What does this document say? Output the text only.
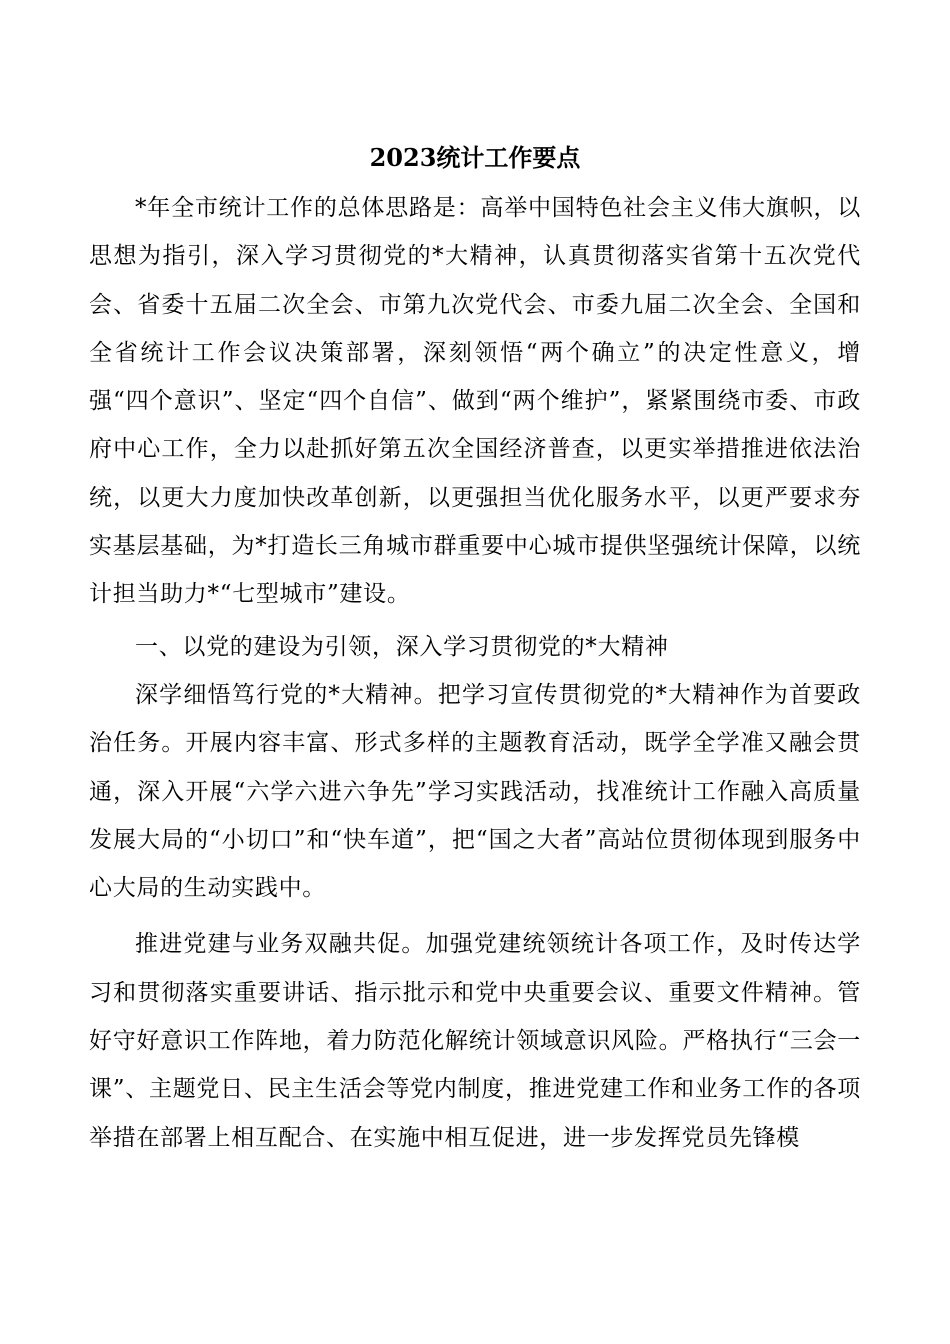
2023统计工作要点

*年全市统计工作的总体思路是：高举中国特色社会主义伟大旗帜，以思想为指引，深入学习贯彻党的*大精神，认真贯彻落实省第十五次党代会、省委十五届二次全会、市第九次党代会、市委九届二次全会、全国和全省统计工作会议决策部署，深刻领悟“两个确立”的决定性意义，增强“四个意识”、坚定“四个自信”、做到“两个维护”，紧紧围绕市委、市政府中心工作，全力以赴抓好第五次全国经济普查，以更实举措推进依法治统，以更大力度加快改革创新，以更强担当优化服务水平，以更严要求夯实基层基础，为*打造长三角城市群重要中心城市提供坚强统计保障，以统计担当助力*“七型城市”建设。

一、以党的建设为引领，深入学习贯彻党的*大精神

深学细悟笃行党的*大精神。把学习宣传贯彻党的*大精神作为首要政治任务。开展内容丰富、形式多样的主题教育活动，既学全学准又融会贯通，深入开展“六学六进六争先”学习实践活动，找准统计工作融入高质量发展大局的“小切口”和“快车道”，把“国之大者”高站位贯彻体现到服务中心大局的生动实践中。

推进党建与业务双融共促。加强党建统领统计各项工作，及时传达学习和贯彻落实重要讲话、指示批示和党中央重要会议、重要文件精神。管好守好意识工作阵地，着力防范化解统计领域意识风险。严格执行“三会一课”、主题党日、民主生活会等党内制度，推进党建工作和业务工作的各项举措在部署上相互配合、在实施中相互促进，进一步发挥党员先锋模
